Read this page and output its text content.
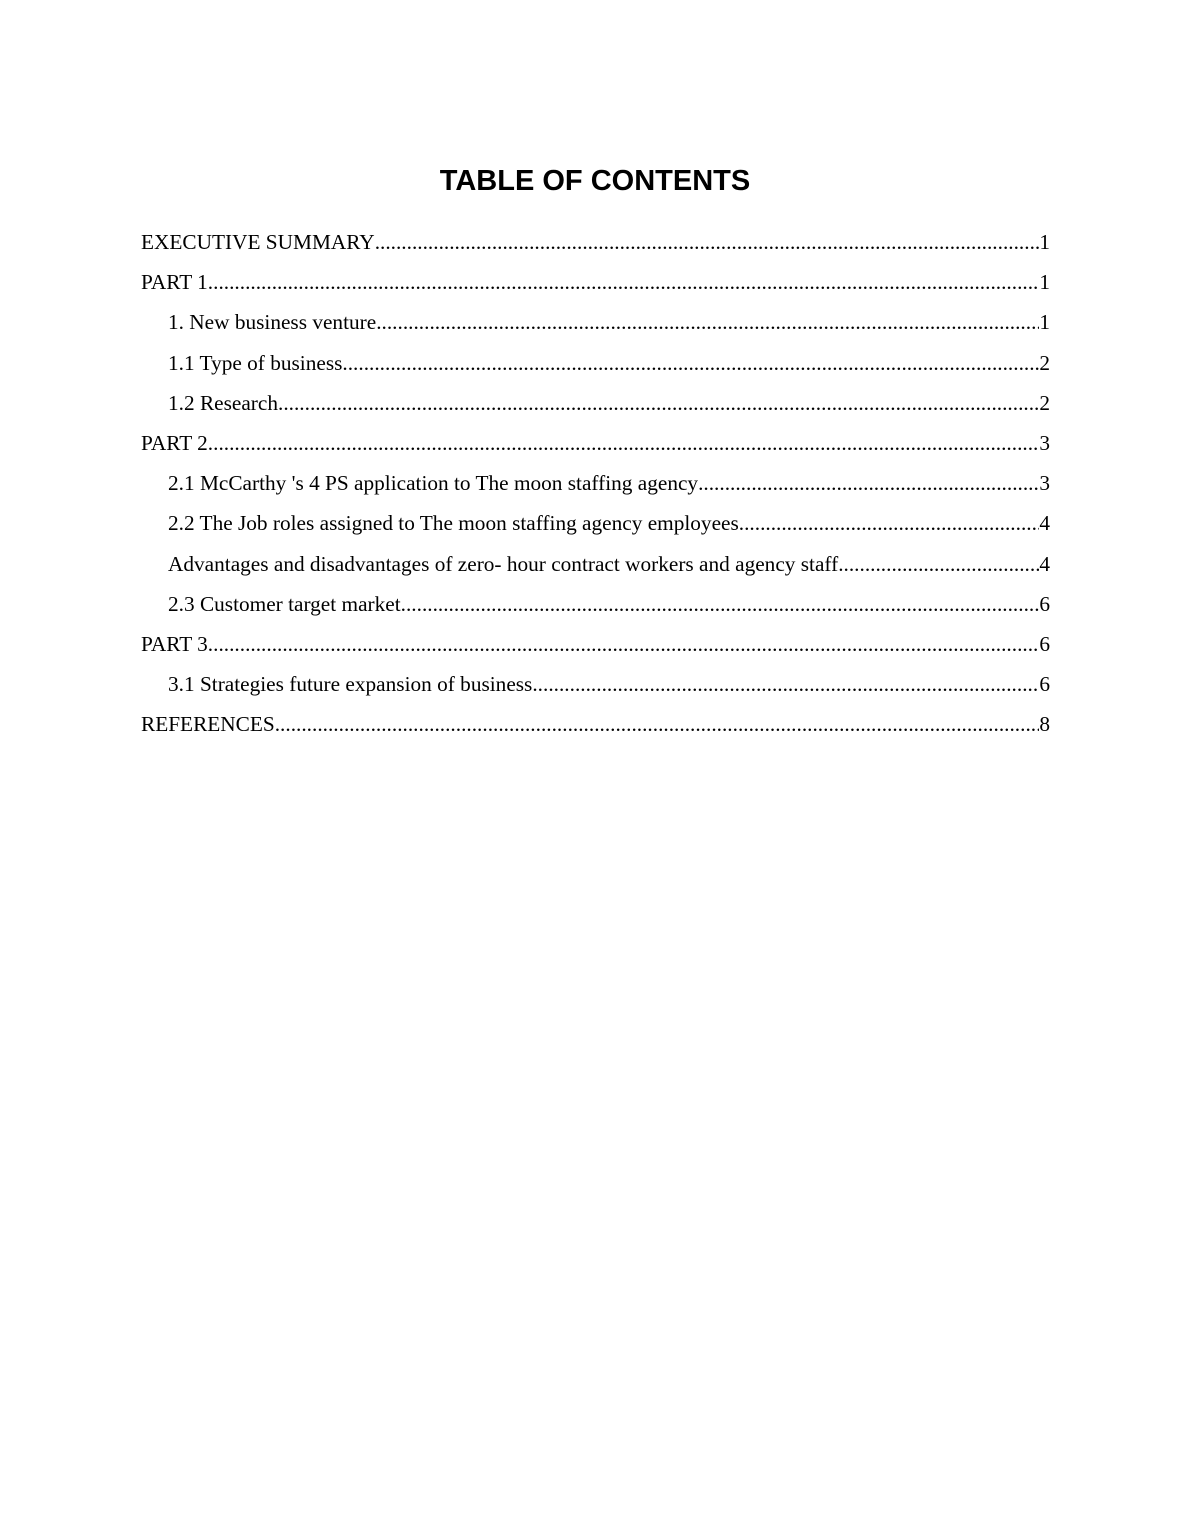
TABLE OF CONTENTS
EXECUTIVE SUMMARY .....	1
PART 1 .....	1
1. New business venture .....	1
1.1 Type of business .....	2
1.2 Research .....	2
PART 2 .....	3
2.1 McCarthy 's 4 PS application to The moon staffing agency .....	3
2.2 The Job roles assigned to The moon staffing agency employees .....	4
Advantages and disadvantages of zero- hour contract workers and agency staff .....	4
2.3 Customer target market .....	6
PART 3 .....	6
3.1 Strategies future expansion of business .....	6
REFERENCES .....	8
